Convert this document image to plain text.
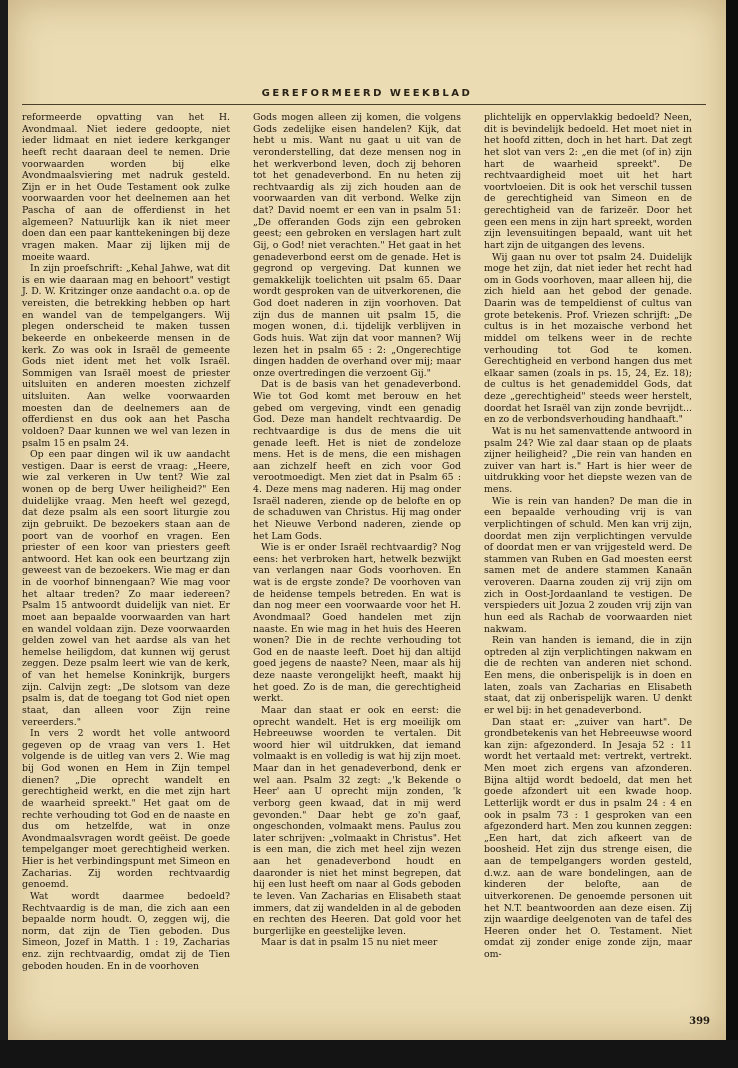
GEREFORMEERD WEEKBLAD

reformeerde opvatting van het H. Avondmaal. Niet iedere gedoopte, niet ieder lidmaat en niet iedere kerkganger heeft recht daaraan deel te nemen. Drie voorwaarden worden bij elke Avondmaalsviering met nadruk gesteld. Zijn er in het Oude Testament ook zulke voorwaarden voor het deelnemen aan het Pascha of aan de offerdienst in het algemeen? Natuurlijk kan ik niet meer doen dan een paar kanttekeningen bij deze vragen maken. Maar zij lijken mij de moeite waard.

In zijn proefschrift: „Kehal Jahwe, wat dit is en wie daaraan mag en behoort" vestigt J. D. W. Kritzinger onze aandacht o.a. op de vereisten, die betrekking hebben op hart en wandel van de tempelgangers. Wij plegen onderscheid te maken tussen bekeerde en onbekeerde mensen in de kerk. Zo was ook in Israël de gemeente Gods niet ident met het volk Israël. Sommigen van Israël moest de priester uitsluiten en anderen moesten zichzelf uitsluiten. Aan welke voorwaarden moesten dan de deelnemers aan de offerdienst en dus ook aan het Pascha voldoen? Daar kunnen we wel van lezen in psalm 15 en psalm 24.

Op een paar dingen wil ik uw aandacht vestigen. Daar is eerst de vraag: „Heere, wie zal verkeren in Uw tent? Wie zal wonen op de berg Uwer heiligheid?" Een duidelijke vraag. Men heeft wel gezegd, dat deze psalm als een soort liturgie zou zijn gebruikt. De bezoekers staan aan de poort van de voorhof en vragen. Een priester of een koor van priesters geeft antwoord. Het kan ook een beurtzang zijn geweest van de bezoekers. Wie mag er dan in de voorhof binnengaan? Wie mag voor het altaar treden? Zo maar iedereen? Psalm 15 antwoordt duidelijk van niet. Er moet aan bepaalde voorwaarden van hart en wandel voldaan zijn. Deze voorwaarden gelden zowel van het aardse als van het hemelse heiligdom, dat kunnen wij gerust zeggen. Deze psalm leert wie van de kerk, of van het hemelse Koninkrijk, burgers zijn. Calvijn zegt: „De slotsom van deze psalm is, dat de toegang tot God niet open staat, dan alleen voor Zijn reine vereerders."

In vers 2 wordt het volle antwoord gegeven op de vraag van vers 1. Het volgende is de uitleg van vers 2. Wie mag bij God wonen en Hem in Zijn tempel dienen? „Die oprecht wandelt en gerechtigheid werkt, en die met zijn hart de waarheid spreekt." Het gaat om de rechte verhouding tot God en de naaste en dus om hetzelfde, wat in onze Avondmaalsvragen wordt geëist. De goede tempelganger moet gerechtigheid werken. Hier is het verbindingspunt met Simeon en Zacharias. Zij worden rechtvaardig genoemd.

Wat wordt daarmee bedoeld? Rechtvaardig is de man, die zich aan een bepaalde norm houdt. O, zeggen wij, die norm, dat zijn de Tien geboden. Dus Simeon, Jozef in Matth. 1 : 19, Zacharias enz. zijn rechtvaardig, omdat zij de Tien geboden houden. En in de voorhoven

Gods mogen alleen zij komen, die volgens Gods zedelijke eisen handelen? Kijk, dat hebt u mis. Want nu gaat u uit van de veronderstelling, dat deze mensen nog in het werkverbond leven, doch zij behoren tot het genadeverbond. En nu heten zij rechtvaardig als zij zich houden aan de voorwaarden van dit verbond. Welke zijn dat? David noemt er een van in psalm 51: „De offeranden Gods zijn een gebroken geest; een gebroken en verslagen hart zult Gij, o God! niet verachten." Het gaat in het genadeverbond eerst om de genade. Het is gegrond op vergeving. Dat kunnen we gemakkelijk toelichten uit psalm 65. Daar wordt gesproken van de uitverkorenen, die God doet naderen in zijn voorhoven. Dat zijn dus de mannen uit psalm 15, die mogen wonen, d.i. tijdelijk verblijven in Gods huis. Wat zijn dat voor mannen? Wij lezen het in psalm 65 : 2: „Ongerechtige dingen hadden de overhand over mij; maar onze overtredingen die verzoent Gij."

Dat is de basis van het genadeverbond. Wie tot God komt met berouw en het gebed om vergeving, vindt een genadig God. Deze man handelt rechtvaardig. De rechtvaardige is dus de mens die uit genade leeft. Het is niet de zondeloze mens. Het is de mens, die een mishagen aan zichzelf heeft en zich voor God verootmoedigt. Men ziet dat in Psalm 65 : 4. Deze mens mag naderen. Hij mag onder Israël naderen, ziende op de belofte en op de schaduwen van Christus. Hij mag onder het Nieuwe Verbond naderen, ziende op het Lam Gods.

Wie is er onder Israël rechtvaardig? Nog eens: het verbroken hart, hetwelk bezwijkt van verlangen naar Gods voorhoven. En wat is de ergste zonde? De voorhoven van de heidense tempels betreden. En wat is dan nog meer een voorwaarde voor het H. Avondmaal? Goed handelen met zijn naaste. En wie mag in het huis des Heeren wonen? Die in de rechte verhouding tot God en de naaste leeft. Doet hij dan altijd goed jegens de naaste? Neen, maar als hij deze naaste verongelijkt heeft, maakt hij het goed. Zo is de man, die gerechtigheid werkt.

Maar dan staat er ook en eerst: die oprecht wandelt. Het is erg moeilijk om Hebreeuwse woorden te vertalen. Dit woord hier wil uitdrukken, dat iemand volmaakt is en volledig is wat hij zijn moet. Maar dan in het genadeverbond, denk er wel aan. Psalm 32 zegt: „'k Bekende o Heer' aan U oprecht mijn zonden, 'k verborg geen kwaad, dat in mij werd gevonden." Daar hebt ge zo'n gaaf, ongeschonden, volmaakt mens. Paulus zou later schrijven: „volmaakt in Christus". Het is een man, die zich met heel zijn wezen aan het genadeverbond houdt en daaronder is niet het minst begrepen, dat hij een lust heeft om naar al Gods geboden te leven. Van Zacharias en Elisabeth staat immers, dat zij wandelden in al de geboden en rechten des Heeren. Dat gold voor het burgerlijke en geestelijke leven.

Maar is dat in psalm 15 nu niet meer

plichtelijk en oppervlakkig bedoeld? Neen, dit is bevindelijk bedoeld. Het moet niet in het hoofd zitten, doch in het hart. Dat zegt het slot van vers 2: „en die met (of in) zijn hart de waarheid spreekt". De rechtvaardigheid moet uit het hart voortvloeien. Dit is ook het verschil tussen de gerechtigheid van Simeon en de gerechtigheid van de farizeër. Door het geen een mens in zijn hart spreekt, worden zijn levensuitingen bepaald, want uit het hart zijn de uitgangen des levens.

Wij gaan nu over tot psalm 24. Duidelijk moge het zijn, dat niet ieder het recht had om in Gods voorhoven, maar alleen hij, die zich hield aan het gebod der genade. Daarin was de tempeldienst of cultus van grote betekenis. Prof. Vriezen schrijft: „De cultus is in het mozaische verbond het middel om telkens weer in de rechte verhouding tot God te komen. Gerechtigheid en verbond hangen dus met elkaar samen (zoals in ps. 15, 24, Ez. 18); de cultus is het genademiddel Gods, dat deze „gerechtigheid" steeds weer herstelt, doordat het Israël van zijn zonde bevrijdt... en zo de verbondsverhouding handhaaft."

Wat is nu het samenvattende antwoord in psalm 24? Wie zal daar staan op de plaats zijner heiligheid? „Die rein van handen en zuiver van hart is." Hart is hier weer de uitdrukking voor het diepste wezen van de mens.

Wie is rein van handen? De man die in een bepaalde verhouding vrij is van verplichtingen of schuld. Men kan vrij zijn, doordat men zijn verplichtingen vervulde of doordat men er van vrijgesteld werd. De stammen van Ruben en Gad moesten eerst samen met de andere stammen Kanaän veroveren. Daarna zouden zij vrij zijn om zich in Oost-Jordaanland te vestigen. De verspieders uit Jozua 2 zouden vrij zijn van hun eed als Rachab de voorwaarden niet nakwam.

Rein van handen is iemand, die in zijn optreden al zijn verplichtingen nakwam en die de rechten van anderen niet schond. Een mens, die onberispelijk is in doen en laten, zoals van Zacharias en Elisabeth staat, dat zij onberispelijk waren. U denkt er wel bij: in het genadeverbond.

Dan staat er: „zuiver van hart". De grondbetekenis van het Hebreeuwse woord kan zijn: afgezonderd. In Jesaja 52 : 11 wordt het vertaald met: vertrekt, vertrekt. Men moet zich ergens van afzonderen. Bijna altijd wordt bedoeld, dat men het goede afzondert uit een kwade hoop. Letterlijk wordt er dus in psalm 24 : 4 en ook in psalm 73 : 1 gesproken van een afgezonderd hart. Men zou kunnen zeggen: „Een hart, dat zich afkeert van de boosheid. Het zijn dus strenge eisen, die aan de tempelgangers worden gesteld, d.w.z. aan de ware bondelingen, aan de kinderen der belofte, aan de uitverkorenen. De genoemde personen uit het N.T. beantwoorden aan deze eisen. Zij zijn waardige deelgenoten van de tafel des Heeren onder het O. Testament. Niet omdat zij zonder enige zonde zijn, maar om-

399
